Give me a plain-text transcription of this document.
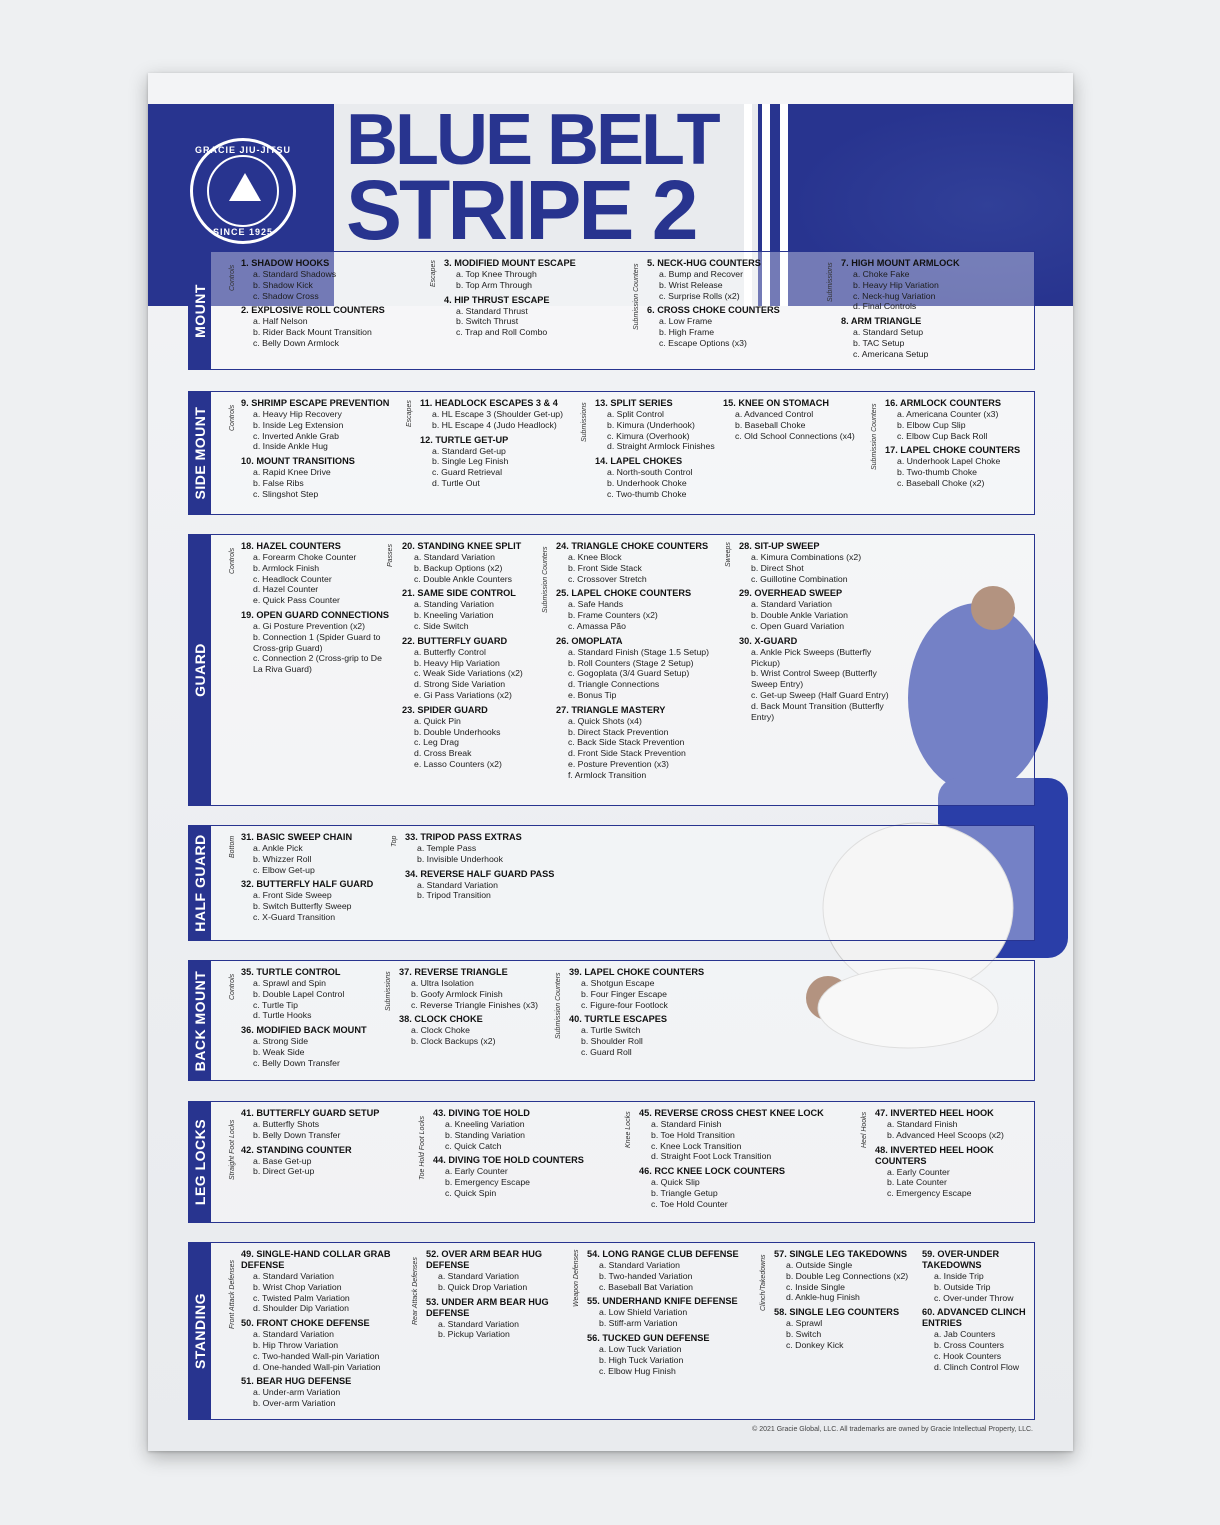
GRACIE JIU-JITSU
SINCE 1925
BLUE BELT
STRIPE 2
MOUNT
Controls
1. SHADOW HOOKS
a. Standard Shadows
b. Shadow Kick
c. Shadow Cross
2. EXPLOSIVE ROLL COUNTERS
a. Half Nelson
b. Rider Back Mount Transition
c. Belly Down Armlock
Escapes 3. MODIFIED MOUNT ESCAPE
a. Top Knee Through
b. Top Arm Through
4. HIP THRUST ESCAPE
a. Standard Thrust
b. Switch Thrust
c. Trap and Roll Combo
Submission Counters
5. NECK-HUG COUNTERS
a. Bump and Recover
b. Wrist Release
c. Surprise Rolls (x2)
6. CROSS CHOKE COUNTERS
a. Low Frame
b. High Frame
c. Escape Options (x3)
Submissions 7. HIGH MOUNT ARMLOCK
a. Choke Fake
b. Heavy Hip Variation
c. Neck-hug Variation
d. Final Controls
8. ARM TRIANGLE
a. Standard Setup
b. TAC Setup
c. Americana Setup
SIDE MOUNT	Controls
9. SHRIMP ESCAPE PREVENTION
a. Heavy Hip Recovery
b. Inside Leg Extension
c. Inverted Ankle Grab
d. Inside Ankle Hug
10. MOUNT TRANSITIONS
a. Rapid Knee Drive
b. False Ribs
c. Slingshot Step
Escapes 11. HEADLOCK ESCAPES 3 & 4
a. HL Escape 3 (Shoulder Get-up)
b. HL Escape 4 (Judo Headlock)
12. TURTLE GET-UP
a. Standard Get-up
b. Single Leg Finish
c. Guard Retrieval
d. Turtle Out
Submissions 13. SPLIT SERIES
a. Split Control
b. Kimura (Underhook)
c. Kimura (Overhook)
d. Straight Armlock Finishes
14. LAPEL CHOKES
a. North-south Control
b. Underhook Choke
c. Two-thumb Choke
15. KNEE ON STOMACH
a. Advanced Control
b. Baseball Choke
c. Old School Connections (x4)	Submission Counters
16. ARMLOCK COUNTERS
a. Americana Counter (x3)
b. Elbow Cup Slip
c. Elbow Cup Back Roll
17. LAPEL CHOKE COUNTERS
a. Underhook Lapel Choke
b. Two-thumb Choke
c. Baseball Choke (x2)
GUARD
Controls
18. HAZEL COUNTERS
a. Forearm Choke Counter
b. Armlock Finish
c. Headlock Counter
d. Hazel Counter
e. Quick Pass Counter
19. OPEN GUARD CONNECTIONS
a. Gi Posture Prevention (x2)
b. Connection 1 (Spider Guard to Cross-grip Guard)
c. Connection 2 (Cross-grip to De La Riva Guard)
Passes 20. STANDING KNEE SPLIT
a. Standard Variation
b. Backup Options (x2)
c. Double Ankle Counters
21. SAME SIDE CONTROL
a. Standing Variation
b. Kneeling Variation
c. Side Switch
22. BUTTERFLY GUARD
a. Butterfly Control
b. Heavy Hip Variation
c. Weak Side Variations (x2)
d. Strong Side Variation
e. Gi Pass Variations (x2)
23. SPIDER GUARD
a. Quick Pin
b. Double Underhooks
c. Leg Drag
d. Cross Break
e. Lasso Counters (x2)
Submission Counters
24. TRIANGLE CHOKE COUNTERS
a. Knee Block
b. Front Side Stack
c. Crossover Stretch
25. LAPEL CHOKE COUNTERS
a. Safe Hands
b. Frame Counters (x2)
c. Amassa Pão
26. OMOPLATA
a. Standard Finish (Stage 1.5 Setup)
b. Roll Counters (Stage 2 Setup)
c. Gogoplata (3/4 Guard Setup)
d. Triangle Connections
e. Bonus Tip
27. TRIANGLE MASTERY
a. Quick Shots (x4)
b. Direct Stack Prevention
c. Back Side Stack Prevention
d. Front Side Stack Prevention
e. Posture Prevention (x3)
f. Armlock Transition
Sweeps 28. SIT-UP SWEEP
a. Kimura Combinations (x2)
b. Direct Shot
c. Guillotine Combination
29. OVERHEAD SWEEP
a. Standard Variation
b. Double Ankle Variation
c. Open Guard Variation
30. X-GUARD
a. Ankle Pick Sweeps (Butterfly Pickup)
b. Wrist Control Sweep (Butterfly Sweep Entry)
c. Get-up Sweep (Half Guard Entry)
d. Back Mount Transition (Butterfly Entry)
HALF GUARD	Bottom 31. BASIC SWEEP CHAIN
a. Ankle Pick
b. Whizzer Roll
c. Elbow Get-up
32. BUTTERFLY HALF GUARD
a. Front Side Sweep
b. Switch Butterfly Sweep
c. X-Guard Transition
Top 33. TRIPOD PASS EXTRAS
a. Temple Pass
b. Invisible Underhook
34. REVERSE HALF GUARD PASS
a. Standard Variation
b. Tripod Transition
BACK MOUNT	Controls
35. TURTLE CONTROL
a. Sprawl and Spin
b. Double Lapel Control
c. Turtle Tip
d. Turtle Hooks
36. MODIFIED BACK MOUNT
a. Strong Side
b. Weak Side
c. Belly Down Transfer
Submissions 37. REVERSE TRIANGLE
a. Ultra Isolation
b. Goofy Armlock Finish
c. Reverse Triangle Finishes (x3)
38. CLOCK CHOKE
a. Clock Choke
b. Clock Backups (x2)
Submission Counters
39. LAPEL CHOKE COUNTERS
a. Shotgun Escape
b. Four Finger Escape
c. Figure-four Footlock
40. TURTLE ESCAPES
a. Turtle Switch
b. Shoulder Roll
c. Guard Roll
LEG LOCKS	Straight Foot Locks
41. BUTTERFLY GUARD SETUP
a. Butterfly Shots
b. Belly Down Transfer
42. STANDING COUNTER
a. Base Get-up
b. Direct Get-up	Toe Hold Foot Locks
43. DIVING TOE HOLD
a. Kneeling Variation
b. Standing Variation
c. Quick Catch
44. DIVING TOE HOLD COUNTERS
a. Early Counter
b. Emergency Escape
c. Quick Spin
Knee Locks 45. REVERSE CROSS CHEST KNEE LOCK
a. Standard Finish
b. Toe Hold Transition
c. Knee Lock Transition
d. Straight Foot Lock Transition
46. RCC KNEE LOCK COUNTERS
a. Quick Slip
b. Triangle Getup
c. Toe Hold Counter
Heel Hooks 47. INVERTED HEEL HOOK
a. Standard Finish
b. Advanced Heel Scoops (x2)
48. INVERTED HEEL HOOK COUNTERS
a. Early Counter
b. Late Counter
c. Emergency Escape
STANDING	Front Attack Defenses
49. SINGLE-HAND COLLAR GRAB DEFENSE
a. Standard Variation
b. Wrist Chop Variation
c. Twisted Palm Variation
d. Shoulder Dip Variation
50. FRONT CHOKE DEFENSE
a. Standard Variation
b. Hip Throw Variation
c. Two-handed Wall-pin Variation
d. One-handed Wall-pin Variation
51. BEAR HUG DEFENSE
a. Under-arm Variation
b. Over-arm Variation
Rear Attack Defenses
52. OVER ARM BEAR HUG DEFENSE
a. Standard Variation
b. Quick Drop Variation
53. UNDER ARM BEAR HUG DEFENSE
a. Standard Variation
b. Pickup Variation
Weapon Defenses 54. LONG RANGE CLUB DEFENSE
a. Standard Variation
b. Two-handed Variation
c. Baseball Bat Variation
55. UNDERHAND KNIFE DEFENSE
a. Low Shield Variation
b. Stiff-arm Variation
56. TUCKED GUN DEFENSE
a. Low Tuck Variation
b. High Tuck Variation
c. Elbow Hug Finish
Clinch/Takedowns
57. SINGLE LEG TAKEDOWNS
a. Outside Single
b. Double Leg Connections (x2)
c. Inside Single
d. Ankle-hug Finish
58. SINGLE LEG COUNTERS
a. Sprawl
b. Switch
c. Donkey Kick
59. OVER-UNDER TAKEDOWNS
a. Inside Trip
b. Outside Trip
c. Over-under Throw
60. ADVANCED CLINCH ENTRIES
a. Jab Counters
b. Cross Counters
c. Hook Counters
d. Clinch Control Flow
© 2021 Gracie Global, LLC. All trademarks are owned by Gracie Intellectual Property, LLC.
